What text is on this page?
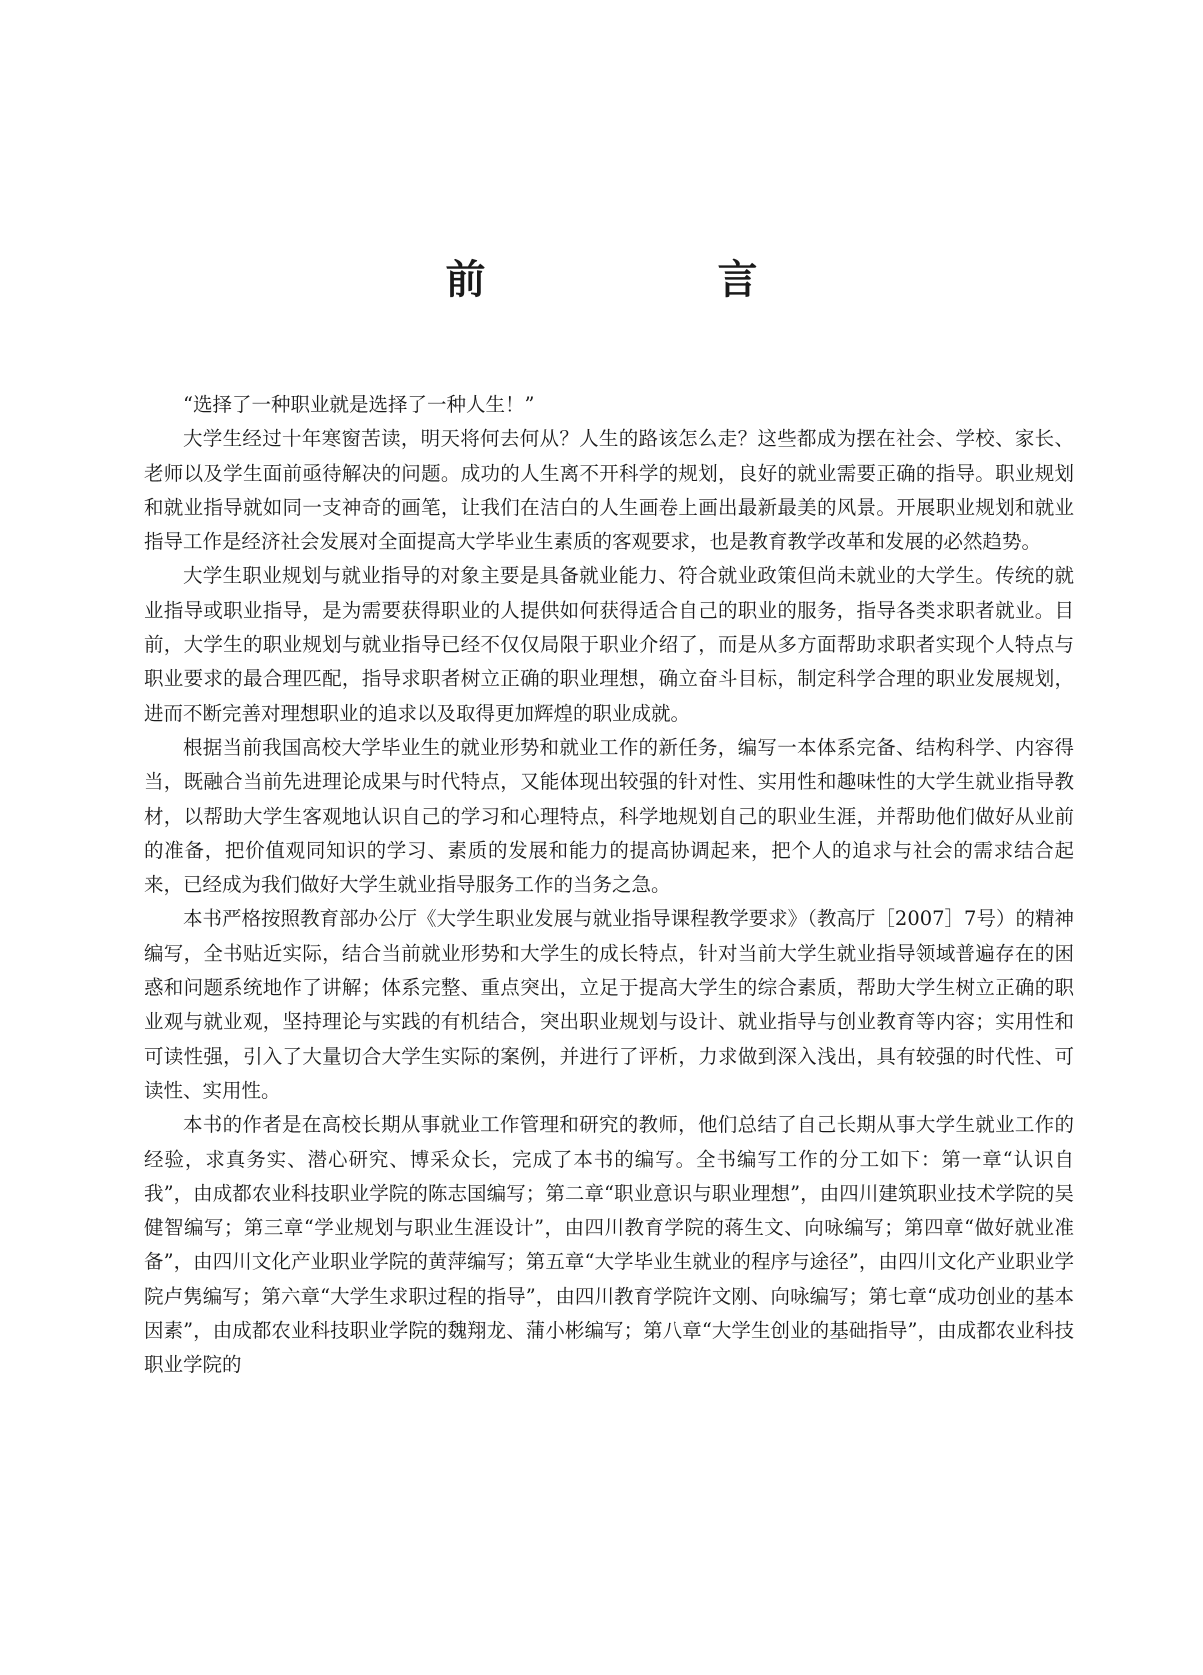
前　言

“选择了一种职业就是选择了一种人生！”

大学生经过十年寒窗苦读，明天将何去何从？人生的路该怎么走？这些都成为摆在社会、学校、家长、老师以及学生面前亟待解决的问题。成功的人生离不开科学的规划，良好的就业需要正确的指导。职业规划和就业指导就如同一支神奇的画笔，让我们在洁白的人生画卷上画出最新最美的风景。开展职业规划和就业指导工作是经济社会发展对全面提高大学毕业生素质的客观要求，也是教育教学改革和发展的必然趋势。

大学生职业规划与就业指导的对象主要是具备就业能力、符合就业政策但尚未就业的大学生。传统的就业指导或职业指导，是为需要获得职业的人提供如何获得适合自己的职业的服务，指导各类求职者就业。目前，大学生的职业规划与就业指导已经不仅仅局限于职业介绍了，而是从多方面帮助求职者实现个人特点与职业要求的最合理匹配，指导求职者树立正确的职业理想，确立奋斗目标，制定科学合理的职业发展规划，进而不断完善对理想职业的追求以及取得更加辉煌的职业成就。

根据当前我国高校大学毕业生的就业形势和就业工作的新任务，编写一本体系完备、结构科学、内容得当，既融合当前先进理论成果与时代特点，又能体现出较强的针对性、实用性和趣味性的大学生就业指导教材，以帮助大学生客观地认识自己的学习和心理特点，科学地规划自己的职业生涯，并帮助他们做好从业前的准备，把价值观同知识的学习、素质的发展和能力的提高协调起来，把个人的追求与社会的需求结合起来，已经成为我们做好大学生就业指导服务工作的当务之急。

本书严格按照教育部办公厅《大学生职业发展与就业指导课程教学要求》（教高厅［2007］7号）的精神编写，全书贴近实际，结合当前就业形势和大学生的成长特点，针对当前大学生就业指导领域普遍存在的困惑和问题系统地作了讲解；体系完整、重点突出，立足于提高大学生的综合素质，帮助大学生树立正确的职业观与就业观，坚持理论与实践的有机结合，突出职业规划与设计、就业指导与创业教育等内容；实用性和可读性强，引入了大量切合大学生实际的案例，并进行了评析，力求做到深入浅出，具有较强的时代性、可读性、实用性。

本书的作者是在高校长期从事就业工作管理和研究的教师，他们总结了自己长期从事大学生就业工作的经验，求真务实、潜心研究、博采众长，完成了本书的编写。全书编写工作的分工如下：第一章“认识自我”，由成都农业科技职业学院的陈志国编写；第二章“职业意识与职业理想”，由四川建筑职业技术学院的吴健智编写；第三章“学业规划与职业生涯设计”，由四川教育学院的蒋生文、向咏编写；第四章“做好就业准备”，由四川文化产业职业学院的黄萍编写；第五章“大学毕业生就业的程序与途径”，由四川文化产业职业学院卢隽编写；第六章“大学生求职过程的指导”，由四川教育学院许文刚、向咏编写；第七章“成功创业的基本因素”，由成都农业科技职业学院的魏翔龙、蒲小彬编写；第八章“大学生创业的基础指导”，由成都农业科技职业学院的
